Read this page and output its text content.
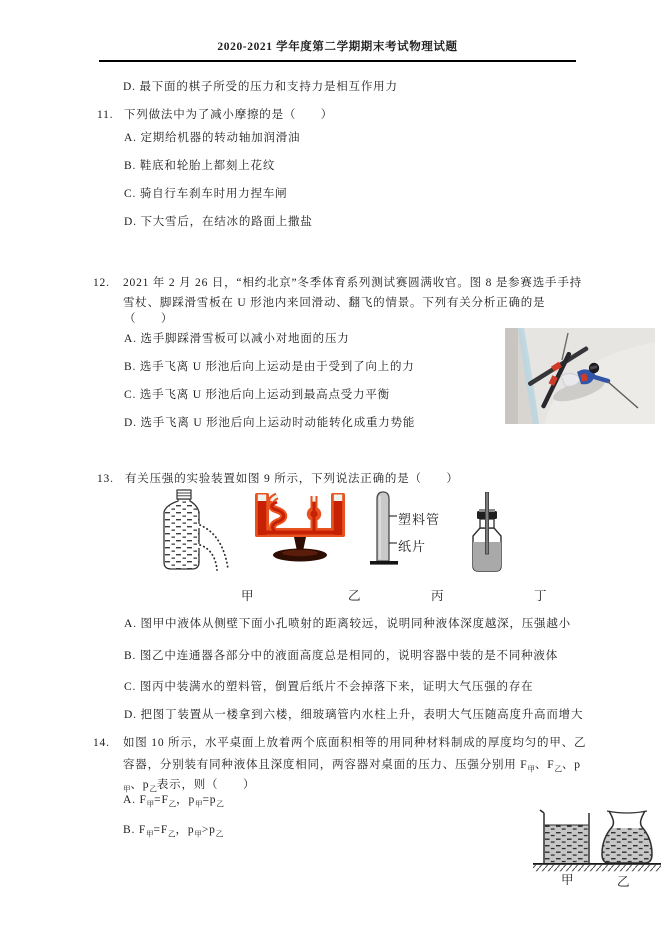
2020-2021 学年度第二学期期末考试物理试题
D. 最下面的棋子所受的压力和支持力是相互作用力
11. 下列做法中为了减小摩擦的是（　　）
A. 定期给机器的转动轴加润滑油
B. 鞋底和轮胎上都刻上花纹
C. 骑自行车刹车时用力捏车闸
D. 下大雪后，在结冰的路面上撒盐
12. 2021 年 2 月 26 日，“相约北京”冬季体育系列测试赛圆满收官。图 8 是参赛选手手持
雪杖、脚踩滑雪板在 U 形池内来回滑动、翻飞的情景。下列有关分析正确的是
（　　）
A. 选手脚踩滑雪板可以减小对地面的压力
B. 选手飞离 U 形池后向上运动是由于受到了向上的力
C. 选手飞离 U 形池后向上运动到最高点受力平衡
D. 选手飞离 U 形池后向上运动时动能转化成重力势能
13. 有关压强的实验装置如图 9 所示，下列说法正确的是（　　）
塑料管
纸片
甲	乙	丙	丁
A. 图甲中液体从侧壁下面小孔喷射的距离较远，说明同种液体深度越深，压强越小
B. 图乙中连通器各部分中的液面高度总是相同的，说明容器中装的是不同种液体
C. 图丙中装满水的塑料管，倒置后纸片不会掉落下来，证明大气压强的存在
D. 把图丁装置从一楼拿到六楼，细玻璃管内水柱上升，表明大气压随高度升高而增大
14. 如图 10 所示，水平桌面上放着两个底面积相等的用同种材料制成的厚度均匀的甲、乙
容器，分别装有同种液体且深度相同，两容器对桌面的压力、压强分别用 $F_甲$、$F_乙$、p
$_甲$、$p_乙$表示，则（　　）
A. $F_甲=F_乙$，$p_甲=p_乙$
B. $F_甲=F_乙$，$p_甲>p_乙$
甲	乙
